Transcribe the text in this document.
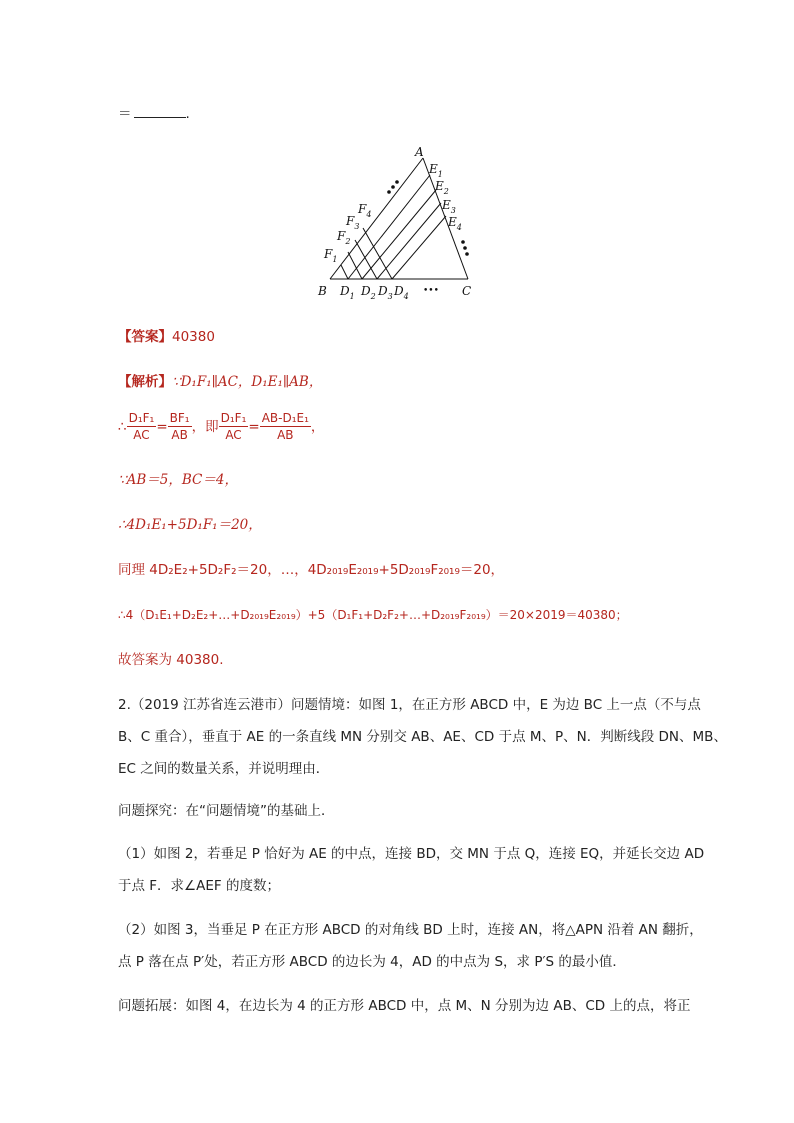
＝	.
A
B	C
$E_1$
$E_2$
$E_3$
$E_4$
$F_1$
$F_2$
$F_3$
$F_4$
$D_1$ $D_2$ $D_3$ $D_4$
•••
【答案】40380
【解析】∵D₁F₁∥AC，D₁E₁∥AB，
∴ $\frac{\text{D₁F₁}}{AC} = \frac{\text{BF₁}}{AB}$ ，即 $\frac{\text{D₁F₁}}{AC} = \frac{\text{AB-D₁E₁}}{AB}$ ，
∵AB＝5，BC＝4，
∴4D₁E₁+5D₁F₁＝20，
同理 4D₂E₂+5D₂F₂＝20，…，4D₂₀₁₉E₂₀₁₉+5D₂₀₁₉F₂₀₁₉＝20，
∴4（D₁E₁+D₂E₂+…+D₂₀₁₉E₂₀₁₉）+5（D₁F₁+D₂F₂+…+D₂₀₁₉F₂₀₁₉）＝20×2019＝40380；
故答案为 40380.
2.（2019 江苏省连云港市）问题情境：如图 1，在正方形 ABCD 中，E 为边 BC 上一点（不与点
B、C 重合），垂直于 AE 的一条直线 MN 分别交 AB、AE、CD 于点 M、P、N．判断线段 DN、MB、
EC 之间的数量关系，并说明理由．
问题探究：在“问题情境”的基础上．
（1）如图 2，若垂足 P 恰好为 AE 的中点，连接 BD，交 MN 于点 Q，连接 EQ，并延长交边 AD
于点 F．求∠AEF 的度数；
（2）如图 3，当垂足 P 在正方形 ABCD 的对角线 BD 上时，连接 AN，将△APN 沿着 AN 翻折，
点 P 落在点 P′处，若正方形 ABCD 的边长为 4，AD 的中点为 S，求 P′S 的最小值．
问题拓展：如图 4，在边长为 4 的正方形 ABCD 中，点 M、N 分别为边 AB、CD 上的点，将正
